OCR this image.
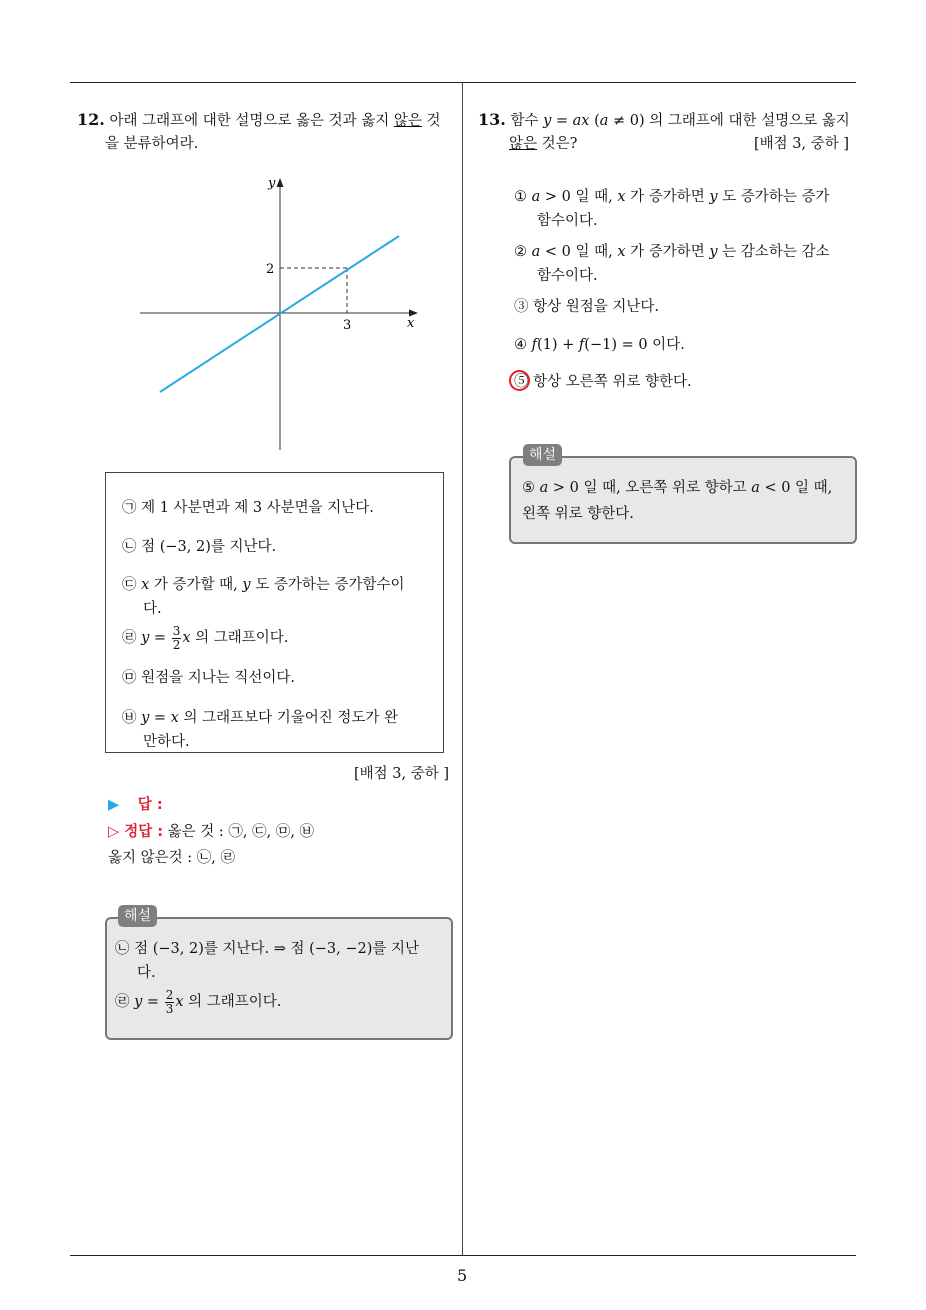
12. 아래 그래프에 대한 설명으로 옳은 것과 옳지 않은 것
을 분류하여라.
y
x
3
2
㉠ 제 1 사분면과 제 3 사분면을 지난다.
㉡ 점 (−3, 2)를 지난다.
㉢ x 가 증가할 때, y 도 증가하는 증가함수이
다.
㉣ $y = \frac{3}{2}$ x 의 그래프이다.
㉤ 원점을 지나는 직선이다.
㉥ y = x 의 그래프보다 기울어진 정도가 완
만하다.
[배점 3, 중하 ]
▶ 답 :
▷ 정답 : 옳은 것 : ㉠, ㉢, ㉤, ㉥
옳지 않은것 : ㉡, ㉣
해설
㉡ 점 (−3, 2)를 지난다. ⇒ 점 (−3, −2)를 지난
다.
㉣ $y = \frac{2}{3}$ x 의 그래프이다.
13. 함수 y = ax (a ≠ 0) 의 그래프에 대한 설명으로 옳지
않은 것은?	[배점 3, 중하 ]
① a > 0 일 때, x 가 증가하면 y 도 증가하는 증가
함수이다.
② a < 0 일 때, x 가 증가하면 y 는 감소하는 감소
함수이다.
③ 항상 원점을 지난다.
④ f(1) + f(−1) = 0 이다.
⑤ 항상 오른쪽 위로 향한다.
해설
⑤ a > 0 일 때, 오른쪽 위로 향하고 a < 0 일 때,
왼쪽 위로 향한다.
5
